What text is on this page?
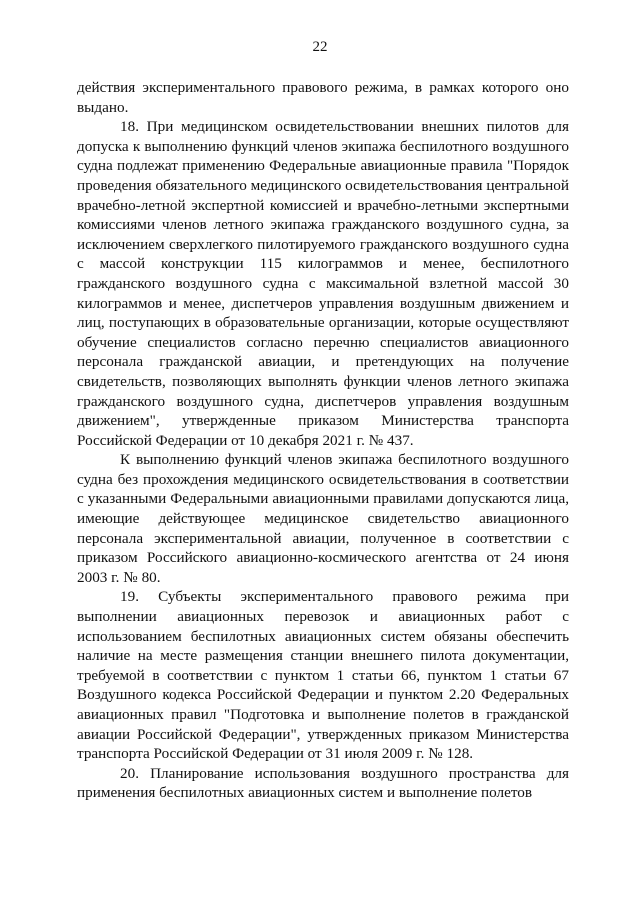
22

действия экспериментального правового режима, в рамках которого оно выдано.

18. При медицинском освидетельствовании внешних пилотов для допуска к выполнению функций членов экипажа беспилотного воздушного судна подлежат применению Федеральные авиационные правила "Порядок проведения обязательного медицинского освидетельствования центральной врачебно-летной экспертной комиссией и врачебно-летными экспертными комиссиями членов летного экипажа гражданского воздушного судна, за исключением сверхлегкого пилотируемого гражданского воздушного судна с массой конструкции 115 килограммов и менее, беспилотного гражданского воздушного судна с максимальной взлетной массой 30 килограммов и менее, диспетчеров управления воздушным движением и лиц, поступающих в образовательные организации, которые осуществляют обучение специалистов согласно перечню специалистов авиационного персонала гражданской авиации, и претендующих на получение свидетельств, позволяющих выполнять функции членов летного экипажа гражданского воздушного судна, диспетчеров управления воздушным движением", утвержденные приказом Министерства транспорта Российской Федерации от 10 декабря 2021 г. № 437.

К выполнению функций членов экипажа беспилотного воздушного судна без прохождения медицинского освидетельствования в соответствии с указанными Федеральными авиационными правилами допускаются лица, имеющие действующее медицинское свидетельство авиационного персонала экспериментальной авиации, полученное в соответствии с приказом Российского авиационно-космического агентства от 24 июня 2003 г. № 80.

19. Субъекты экспериментального правового режима при выполнении авиационных перевозок и авиационных работ с использованием беспилотных авиационных систем обязаны обеспечить наличие на месте размещения станции внешнего пилота документации, требуемой в соответствии с пунктом 1 статьи 66, пунктом 1 статьи 67 Воздушного кодекса Российской Федерации и пунктом 2.20 Федеральных авиационных правил "Подготовка и выполнение полетов в гражданской авиации Российской Федерации", утвержденных приказом Министерства транспорта Российской Федерации от 31 июля 2009 г. № 128.

20. Планирование использования воздушного пространства для применения беспилотных авиационных систем и выполнение полетов
